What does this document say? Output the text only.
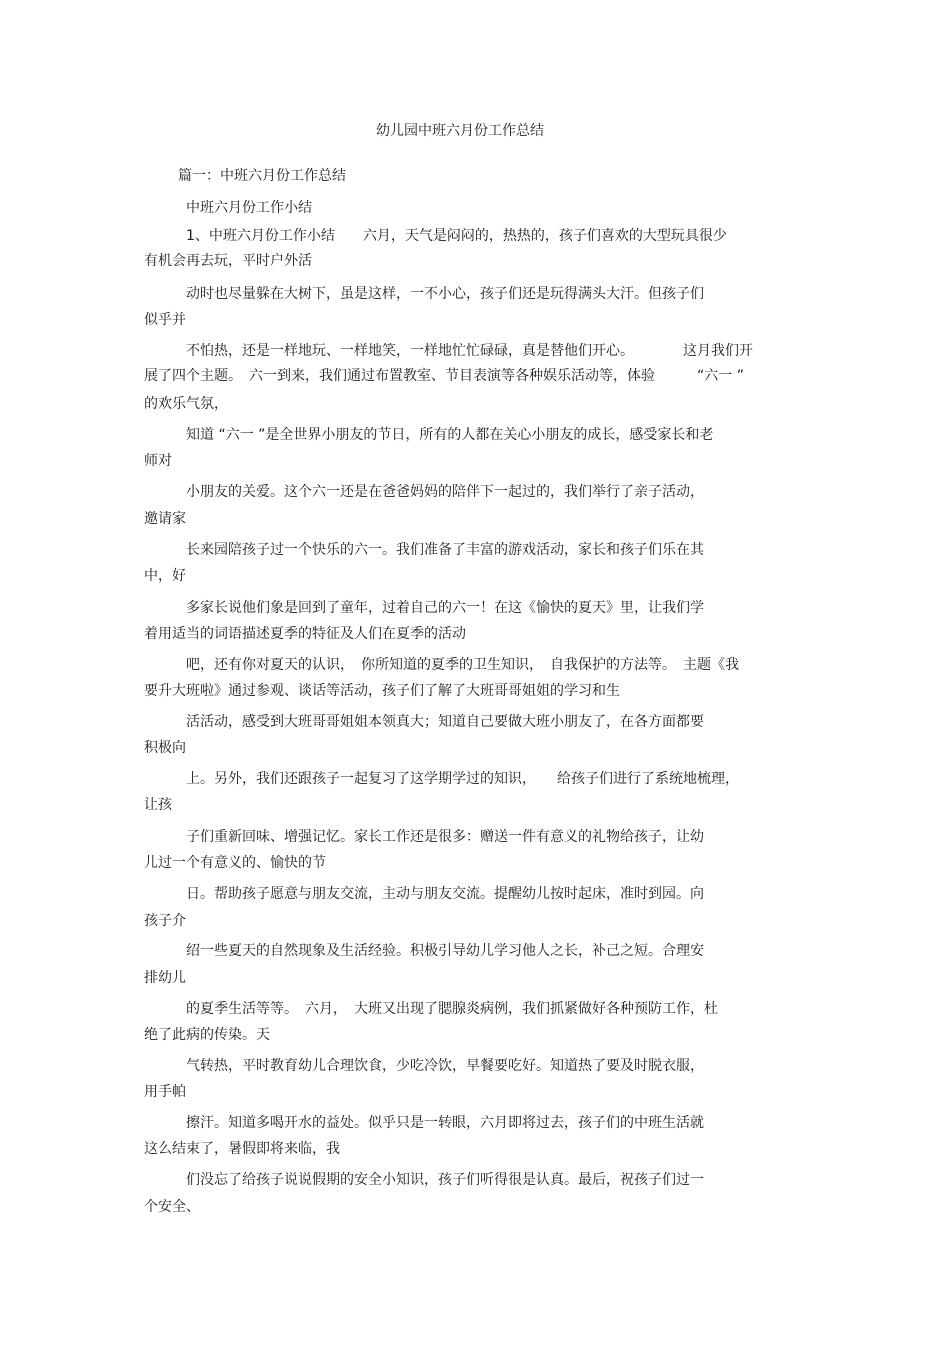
幼儿园中班六月份工作总结
篇一：中班六月份工作总结
中班六月份工作小结
1、中班六月份工作小结　　六月，天气是闷闷的，热热的，孩子们喜欢的大型玩具很少
有机会再去玩，平时户外活
动时也尽量躲在大树下，虽是这样，一不小心，孩子们还是玩得满头大汗。但孩子们
似乎并
不怕热，还是一样地玩、一样地笑，一样地忙忙碌碌，真是替他们开心。　　　　这月我们开
展了四个主题。　六一到来，我们通过布置教室、节目表演等各种娱乐活动等，体验　　　“六一 ”
的欢乐气氛，
知道 “六一 ”是全世界小朋友的节日，所有的人都在关心小朋友的成长，感受家长和老
师对
小朋友的关爱。这个六一还是在爸爸妈妈的陪伴下一起过的，我们举行了亲子活动，
邀请家
长来园陪孩子过一个快乐的六一。我们准备了丰富的游戏活动，家长和孩子们乐在其
中，好
多家长说他们象是回到了童年，过着自己的六一！在这《愉快的夏天》里，让我们学
着用适当的词语描述夏季的特征及人们在夏季的活动
吧，还有你对夏天的认识，　你所知道的夏季的卫生知识，　自我保护的方法等。　主题《我
要升大班啦》通过参观、谈话等活动，孩子们了解了大班哥哥姐姐的学习和生
活活动，感受到大班哥哥姐姐本领真大；知道自己要做大班小朋友了，在各方面都要
积极向
上。另外，我们还跟孩子一起复习了这学期学过的知识，　　给孩子们进行了系统地梳理，
让孩
子们重新回味、增强记忆。家长工作还是很多：赠送一件有意义的礼物给孩子，让幼
儿过一个有意义的、愉快的节
日。帮助孩子愿意与朋友交流，主动与朋友交流。提醒幼儿按时起床，准时到园。向
孩子介
绍一些夏天的自然现象及生活经验。积极引导幼儿学习他人之长，补己之短。合理安
排幼儿
的夏季生活等等。　六月，　大班又出现了腮腺炎病例，我们抓紧做好各种预防工作，杜
绝了此病的传染。天
气转热，平时教育幼儿合理饮食，少吃冷饮，早餐要吃好。知道热了要及时脱衣服，
用手帕
擦汗。知道多喝开水的益处。似乎只是一转眼，六月即将过去，孩子们的中班生活就
这么结束了，暑假即将来临，我
们没忘了给孩子说说假期的安全小知识，孩子们听得很是认真。最后，祝孩子们过一
个安全、
